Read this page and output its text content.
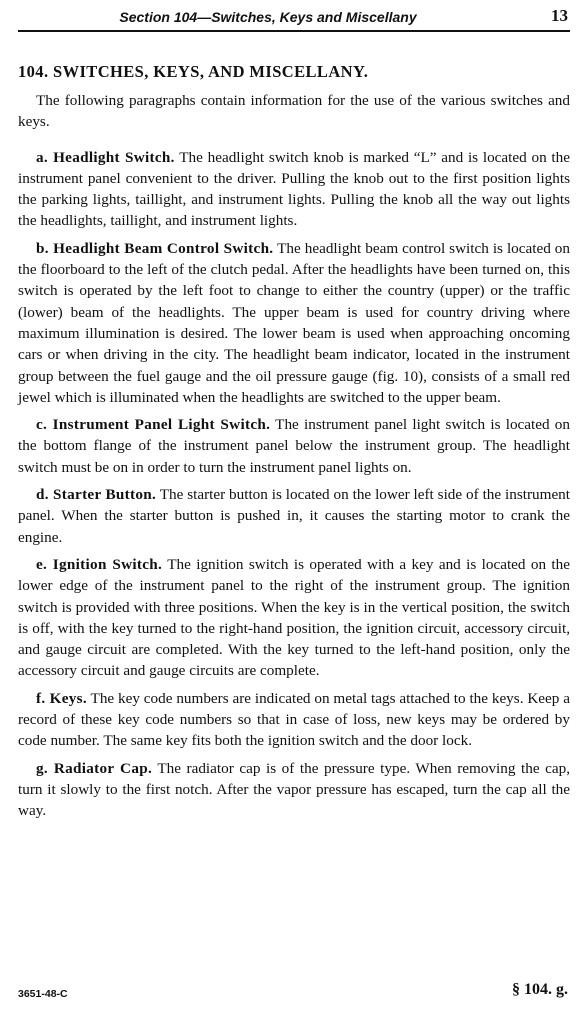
Section 104—Switches, Keys and Miscellany	13
104. SWITCHES, KEYS, AND MISCELLANY.

The following paragraphs contain information for the use of the various switches and keys.

a. Headlight Switch. The headlight switch knob is marked “L” and is located on the instrument panel convenient to the driver. Pulling the knob out to the first position lights the parking lights, taillight, and instrument lights. Pulling the knob all the way out lights the headlights, taillight, and instrument lights.

b. Headlight Beam Control Switch. The headlight beam control switch is located on the floorboard to the left of the clutch pedal. After the headlights have been turned on, this switch is operated by the left foot to change to either the country (upper) or the traffic (lower) beam of the headlights. The upper beam is used for country driving where maximum illumination is desired. The lower beam is used when approaching oncoming cars or when driving in the city. The headlight beam indicator, located in the instrument group between the fuel gauge and the oil pressure gauge (fig. 10), consists of a small red jewel which is illuminated when the headlights are switched to the upper beam.

c. Instrument Panel Light Switch. The instrument panel light switch is located on the bottom flange of the instrument panel below the instrument group. The headlight switch must be on in order to turn the instrument panel lights on.

d. Starter Button. The starter button is located on the lower left side of the instrument panel. When the starter button is pushed in, it causes the starting motor to crank the engine.

e. Ignition Switch. The ignition switch is operated with a key and is located on the lower edge of the instrument panel to the right of the instrument group. The ignition switch is provided with three positions. When the key is in the vertical position, the switch is off, with the key turned to the right-hand position, the ignition circuit, accessory circuit, and gauge circuit are completed. With the key turned to the left-hand position, only the accessory circuit and gauge circuits are complete.

f. Keys. The key code numbers are indicated on metal tags attached to the keys. Keep a record of these key code numbers so that in case of loss, new keys may be ordered by code number. The same key fits both the ignition switch and the door lock.

g. Radiator Cap. The radiator cap is of the pressure type. When removing the cap, turn it slowly to the first notch. After the vapor pressure has escaped, turn the cap all the way.

3651-48-C	§ 104. g.
